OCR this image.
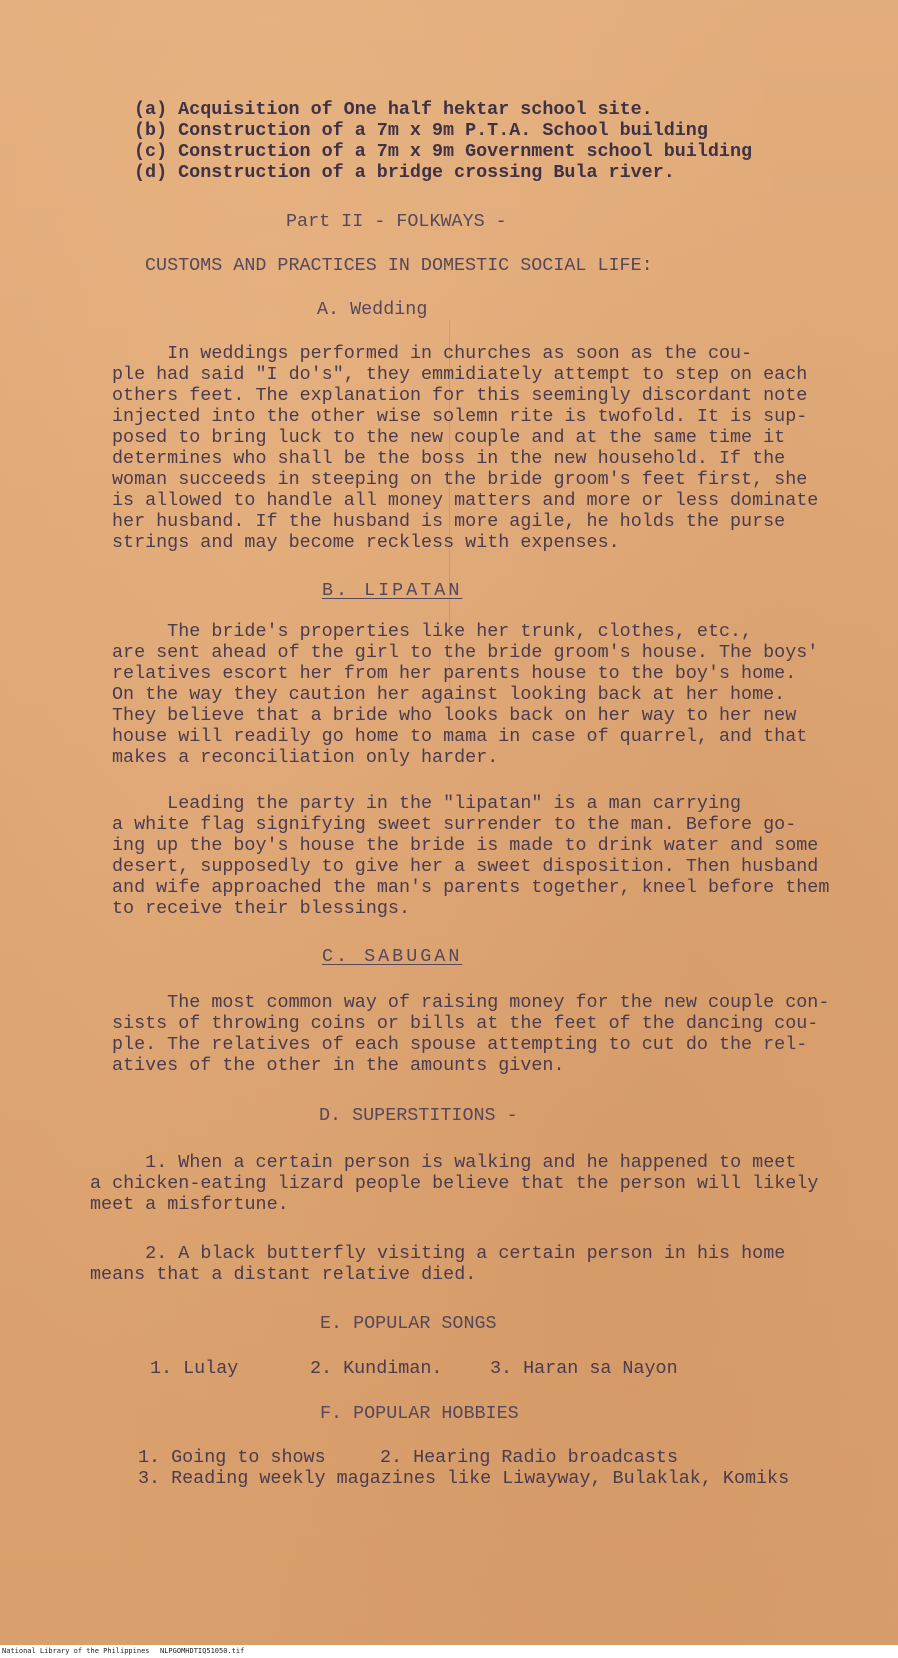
(a) Acquisition of One half hektar school site.
(b) Construction of a 7m x 9m P.T.A. School building
(c) Construction of a 7m x 9m Government school building
(d) Construction of a bridge crossing Bula river.
Part II - FOLKWAYS -
CUSTOMS AND PRACTICES IN DOMESTIC SOCIAL LIFE:
A. Wedding
In weddings performed in churches as soon as the cou-
ple had said "I do's", they emmidiately attempt to step on each
others feet. The explanation for this seemingly discordant note
injected into the other wise solemn rite is twofold. It is sup-
posed to bring luck to the new couple and at the same time it
determines who shall be the boss in the new household. If the
woman succeeds in steeping on the bride groom's feet first, she
is allowed to handle all money matters and more or less dominate
her husband. If the husband is more agile, he holds the purse
strings and may become reckless with expenses.
B. LIPATAN
The bride's properties like her trunk, clothes, etc.,
are sent ahead of the girl to the bride groom's house. The boys'
relatives escort her from her parents house to the boy's home.
On the way they caution her against looking back at her home.
They believe that a bride who looks back on her way to her new
house will readily go home to mama in case of quarrel, and that
makes a reconciliation only harder.
Leading the party in the "lipatan" is a man carrying
a white flag signifying sweet surrender to the man. Before go-
ing up the boy's house the bride is made to drink water and some
desert, supposedly to give her a sweet disposition. Then husband
and wife approached the man's parents together, kneel before them
to receive their blessings.
C. SABUGAN
The most common way of raising money for the new couple con-
sists of throwing coins or bills at the feet of the dancing cou-
ple. The relatives of each spouse attempting to cut do the rel-
atives of the other in the amounts given.
D. SUPERSTITIONS -
1. When a certain person is walking and he happened to meet
a chicken-eating lizard people believe that the person will likely
meet a misfortune.
2. A black butterfly visiting a certain person in his home
means that a distant relative died.
E. POPULAR SONGS
1. Lulay	2. Kundiman.	3. Haran sa Nayon
F. POPULAR HOBBIES
1. Going to shows	2. Hearing Radio broadcasts
3. Reading weekly magazines like Liwayway, Bulaklak, Komiks
National Library of the Philippines NLPGOMHDTIQ51050.tif
